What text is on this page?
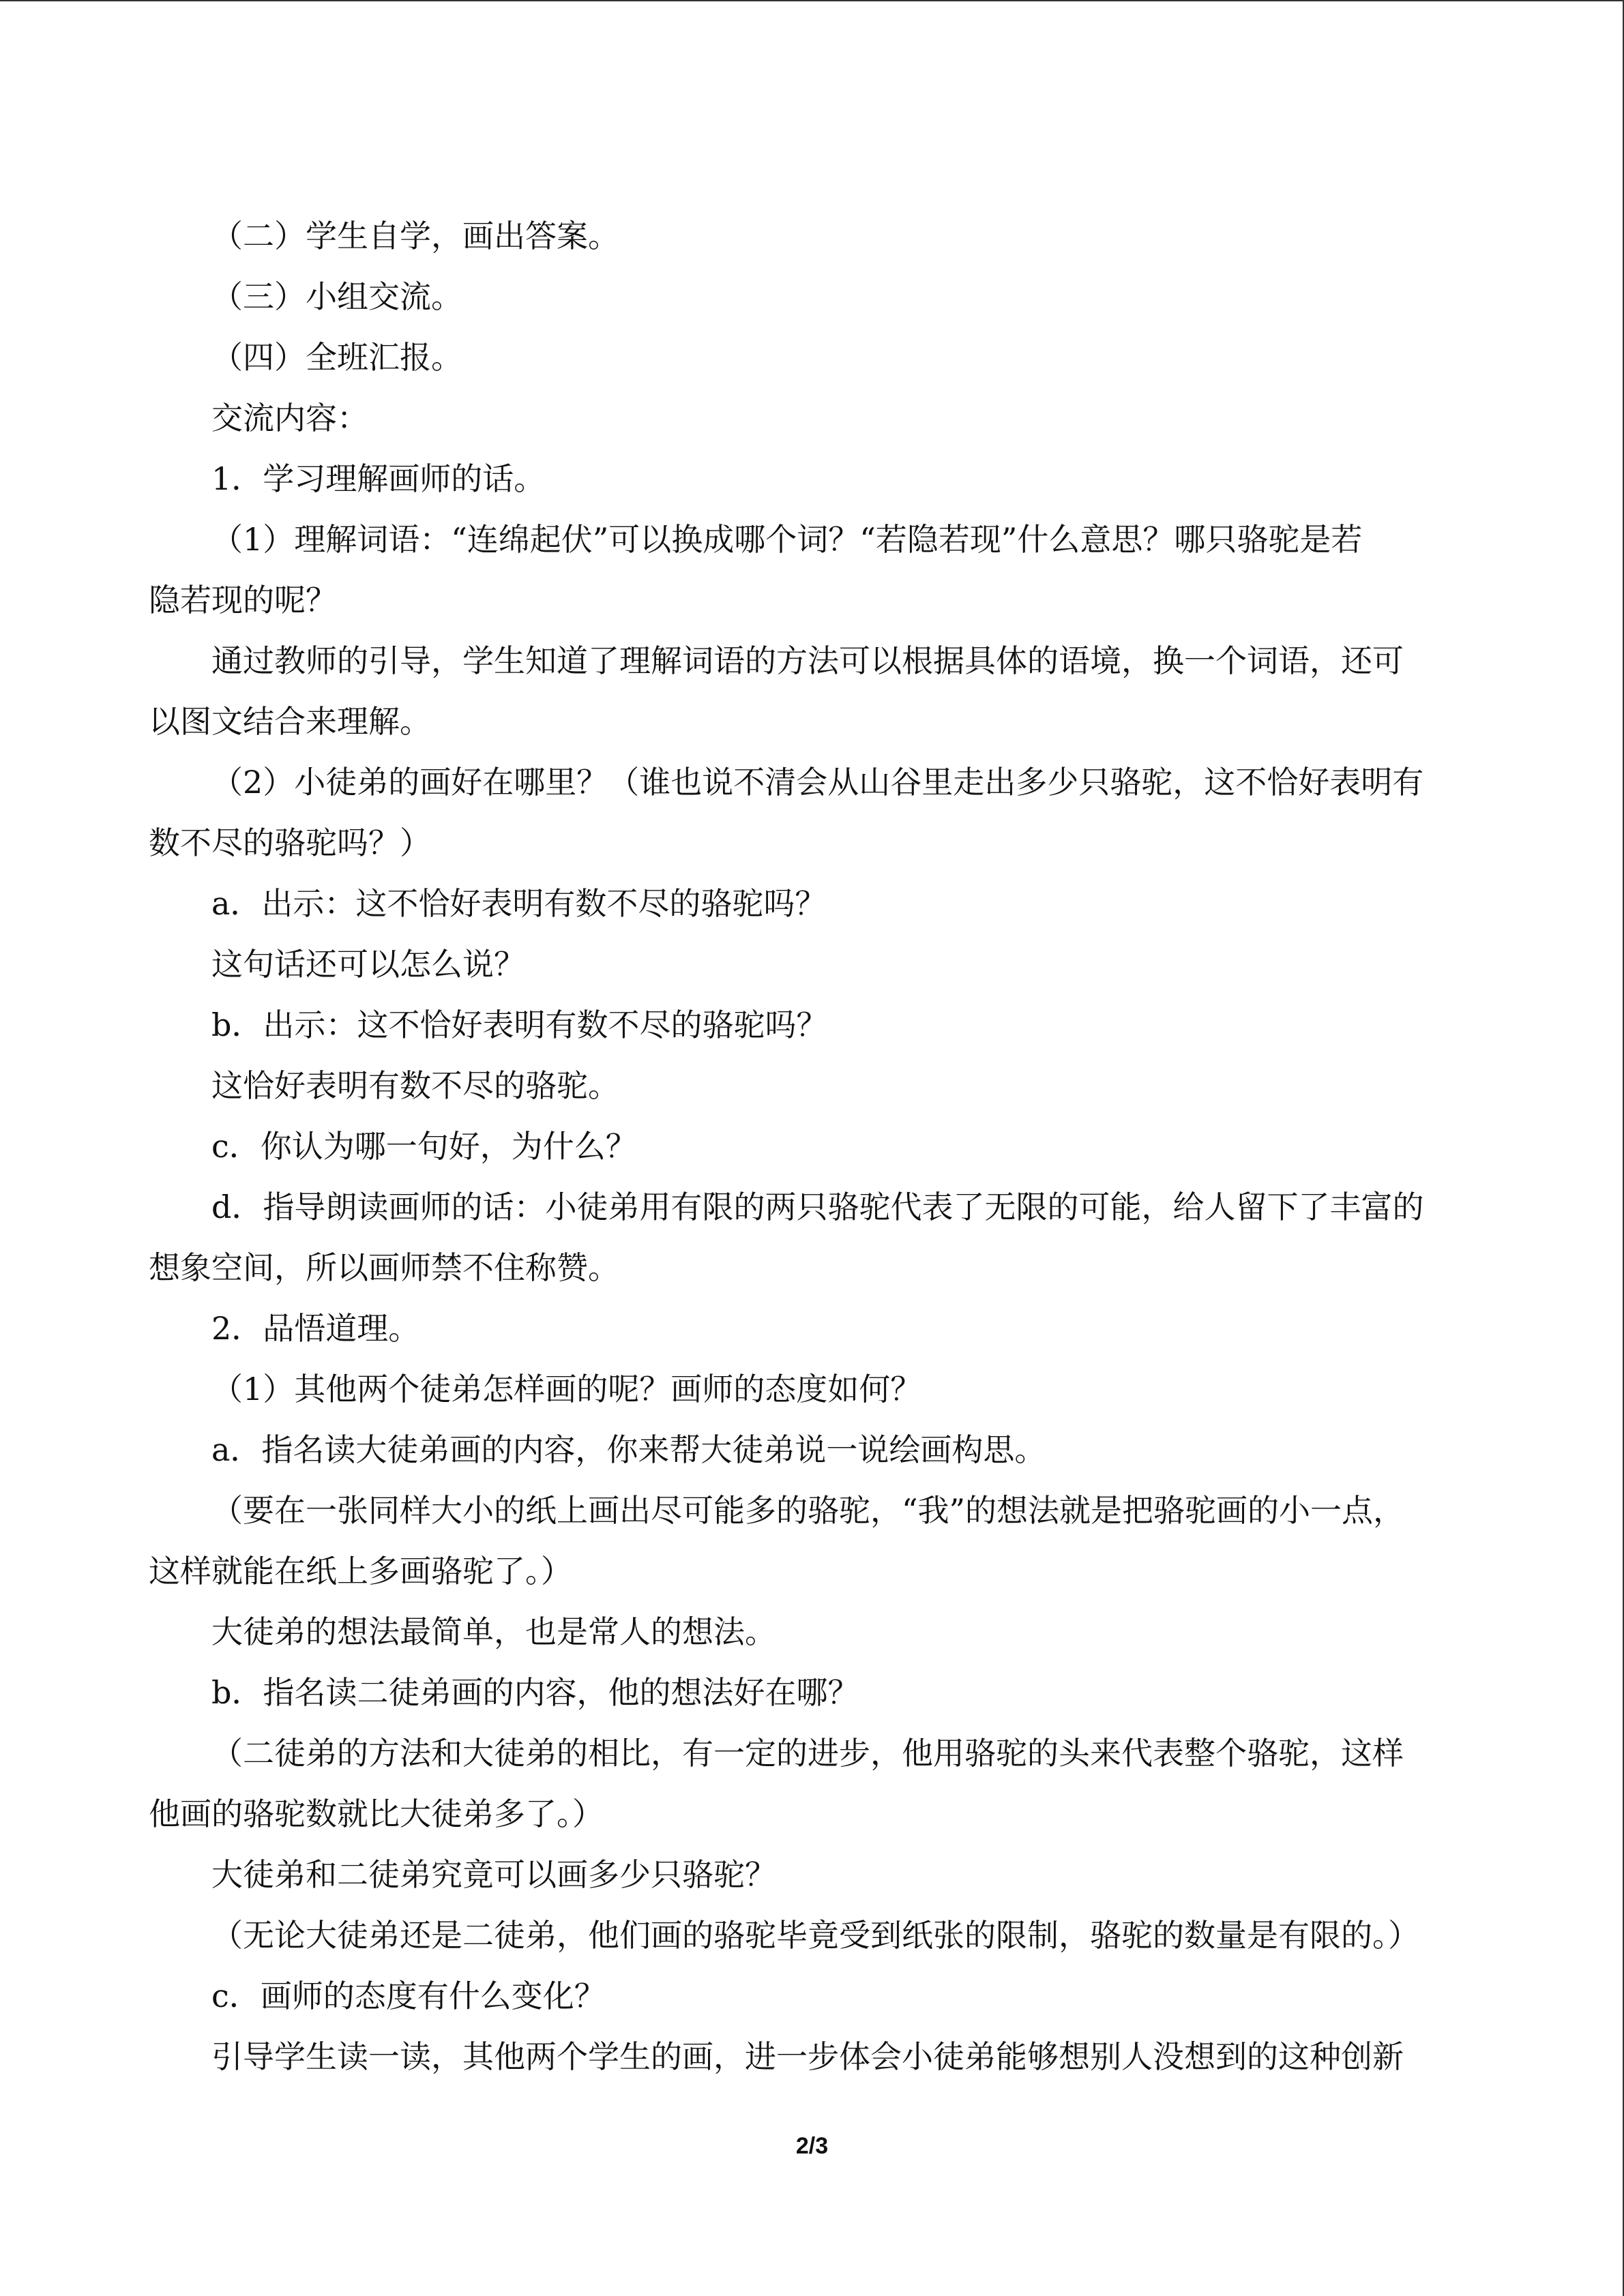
（二）学生自学，画出答案。
（三）小组交流。
（四）全班汇报。
交流内容：
1．学习理解画师的话。
（1）理解词语：“连绵起伏”可以换成哪个词？“若隐若现”什么意思？哪只骆驼是若
隐若现的呢？
通过教师的引导，学生知道了理解词语的方法可以根据具体的语境，换一个词语，还可
以图文结合来理解。
（2）小徒弟的画好在哪里？（谁也说不清会从山谷里走出多少只骆驼，这不恰好表明有
数不尽的骆驼吗？）
a．出示：这不恰好表明有数不尽的骆驼吗？
这句话还可以怎么说？
b．出示：这不恰好表明有数不尽的骆驼吗？
这恰好表明有数不尽的骆驼。
c．你认为哪一句好，为什么？
d．指导朗读画师的话：小徒弟用有限的两只骆驼代表了无限的可能，给人留下了丰富的
想象空间，所以画师禁不住称赞。
2．品悟道理。
（1）其他两个徒弟怎样画的呢？画师的态度如何？
a．指名读大徒弟画的内容，你来帮大徒弟说一说绘画构思。
（要在一张同样大小的纸上画出尽可能多的骆驼，“我”的想法就是把骆驼画的小一点，
这样就能在纸上多画骆驼了。）
大徒弟的想法最简单，也是常人的想法。
b．指名读二徒弟画的内容，他的想法好在哪？
（二徒弟的方法和大徒弟的相比，有一定的进步，他用骆驼的头来代表整个骆驼，这样
他画的骆驼数就比大徒弟多了。）
大徒弟和二徒弟究竟可以画多少只骆驼？
（无论大徒弟还是二徒弟，他们画的骆驼毕竟受到纸张的限制，骆驼的数量是有限的。）
c．画师的态度有什么变化？
引导学生读一读，其他两个学生的画，进一步体会小徒弟能够想别人没想到的这种创新
2/3
